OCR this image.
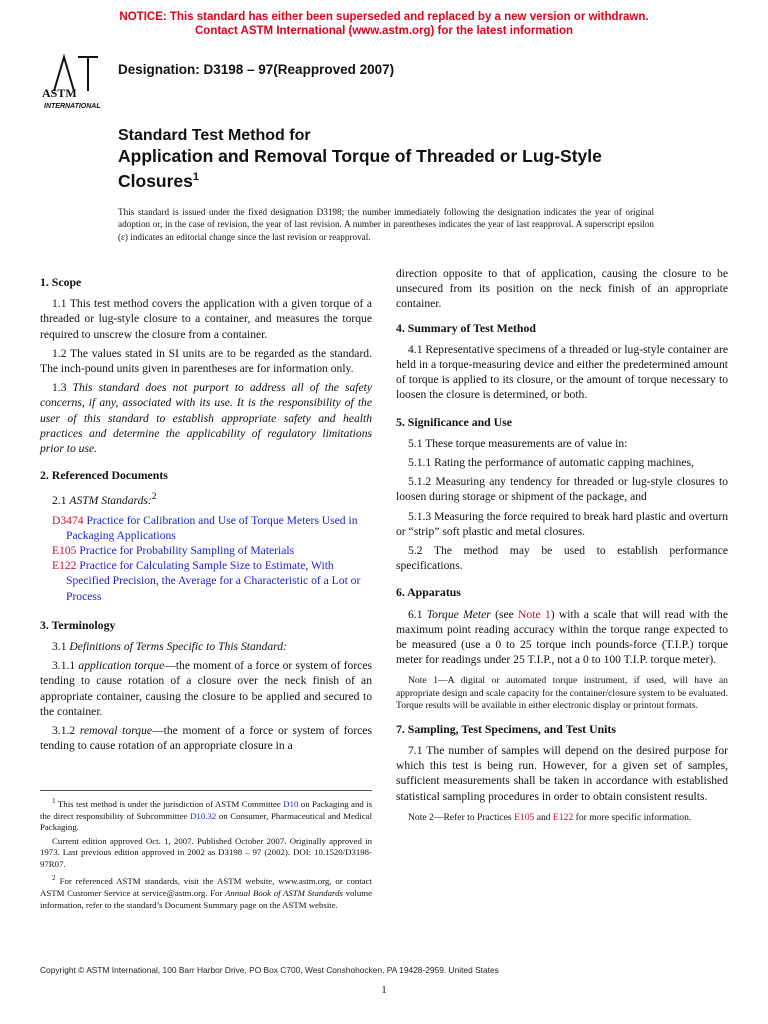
NOTICE: This standard has either been superseded and replaced by a new version or withdrawn.
Contact ASTM International (www.astm.org) for the latest information
ASTM
INTERNATIONAL
Designation: D3198 – 97(Reapproved 2007)
Standard Test Method for
Application and Removal Torque of Threaded or Lug-Style
Closures$^1$
This standard is issued under the fixed designation D3198; the number immediately following the designation indicates the year of original adoption or, in the case of revision, the year of last revision. A number in parentheses indicates the year of last reapproval. A superscript epsilon (ε) indicates an editorial change since the last revision or reapproval.
1. Scope

1.1 This test method covers the application with a given torque of a threaded or lug-style closure to a container, and measures the torque required to unscrew the closure from a container.

1.2 The values stated in SI units are to be regarded as the standard. The inch-pound units given in parentheses are for information only.

1.3 This standard does not purport to address all of the safety concerns, if any, associated with its use. It is the responsibility of the user of this standard to establish appropriate safety and health practices and determine the applicability of regulatory limitations prior to use.

2. Referenced Documents

2.1 ASTM Standards:$^2$

D3474 Practice for Calibration and Use of Torque Meters Used in Packaging Applications

E105 Practice for Probability Sampling of Materials

E122 Practice for Calculating Sample Size to Estimate, With Specified Precision, the Average for a Characteristic of a Lot or Process

3. Terminology

3.1 Definitions of Terms Specific to This Standard:

3.1.1 application torque—the moment of a force or system of forces tending to cause rotation of a closure over the neck finish of an appropriate container, causing the closure to be applied and secured to the container.

3.1.2 removal torque—the moment of a force or system of forces tending to cause rotation of an appropriate closure in a

$^1$ This test method is under the jurisdiction of ASTM Committee D10 on Packaging and is the direct responsibility of Subcommittee D10.32 on Consumer, Pharmaceutical and Medical Packaging.

Current edition approved Oct. 1, 2007. Published October 2007. Originally approved in 1973. Last previous edition approved in 2002 as D3198 – 97 (2002). DOI: 10.1520/D3198-97R07.

$^2$ For referenced ASTM standards, visit the ASTM website, www.astm.org, or contact ASTM Customer Service at service@astm.org. For Annual Book of ASTM Standards volume information, refer to the standard’s Document Summary page on the ASTM website.

direction opposite to that of application, causing the closure to be unsecured from its position on the neck finish of an appropriate container.

4. Summary of Test Method

4.1 Representative specimens of a threaded or lug-style container are held in a torque-measuring device and either the predetermined amount of torque is applied to its closure, or the amount of torque necessary to loosen the closure is determined, or both.

5. Significance and Use

5.1 These torque measurements are of value in:

5.1.1 Rating the performance of automatic capping machines,

5.1.2 Measuring any tendency for threaded or lug-style closures to loosen during storage or shipment of the package, and

5.1.3 Measuring the force required to break hard plastic and overturn or “strip” soft plastic and metal closures.

5.2 The method may be used to establish performance specifications.

6. Apparatus

6.1 Torque Meter (see Note 1) with a scale that will read with the maximum point reading accuracy within the torque range expected to be measured (use a 0 to 25 torque inch pounds-force (T.I.P.) torque meter for readings under 25 T.I.P., not a 0 to 100 T.I.P. torque meter).

Note 1—A digital or automated torque instrument, if used, will have an appropriate design and scale capacity for the container/closure system to be evaluated. Torque results will be available in either electronic display or printout formats.

7. Sampling, Test Specimens, and Test Units

7.1 The number of samples will depend on the desired purpose for which this test is being run. However, for a given set of samples, sufficient measurements shall be taken in accordance with established statistical sampling procedures in order to obtain consistent results.

Note 2—Refer to Practices E105 and E122 for more specific information.

Copyright © ASTM International, 100 Barr Harbor Drive, PO Box C700, West Conshohocken, PA 19428-2959. United States
1
